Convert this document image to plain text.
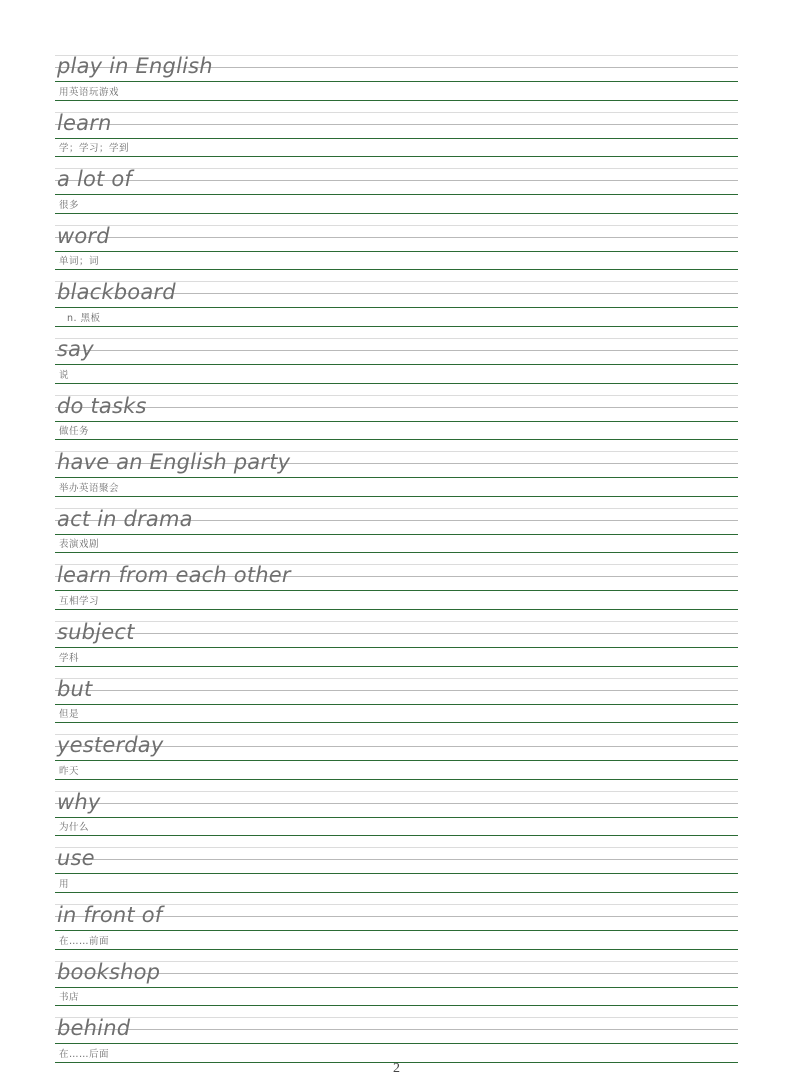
play in English
用英语玩游戏
learn
学；学习；学到
a lot of
很多
word
单词；词
blackboard
n. 黑板
say
说
do tasks
做任务
have an English party
举办英语聚会
act in drama
表演戏剧
learn from each other
互相学习
subject
学科
but
但是
yesterday
昨天
why
为什么
use
用
in front of
在……前面
bookshop
书店
behind
在……后面
2
